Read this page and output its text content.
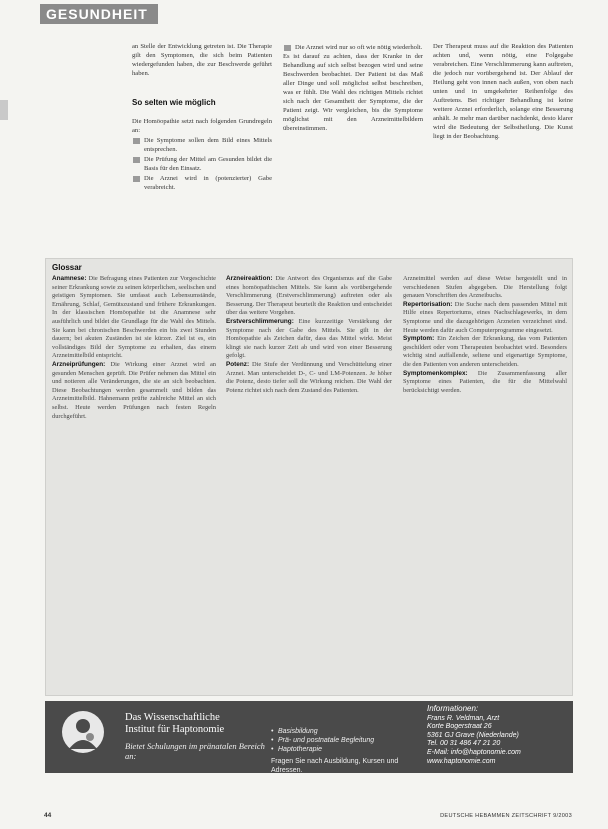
GESUNDHEIT

an Stelle der Entwicklung getreten ist. Die Therapie gilt den Symptomen, die sich beim Patienten wiedergefunden haben, die zur Beschwerde geführt haben.

So selten wie möglich

Die Homöopathie setzt nach folgenden Grundregeln an:

Die Symptome sollen dem Bild eines Mittels entsprechen.
Die Prüfung der Mittel am Gesunden bildet die Basis für den Einsatz.
Die Arznei wird in (potenzierter) Gabe verabreicht.
Die Arznei wird nur so oft wie nötig wiederholt.

Es ist darauf zu achten, dass der Kranke in der Behandlung auf sich selbst bezogen wird und seine Beschwerden beobachtet. Der Patient ist das Maß aller Dinge und soll möglichst selbst beschreiben, was er fühlt. Die Wahl des richtigen Mittels richtet sich nach der Gesamtheit der Symptome, die der Patient zeigt. Wir vergleichen, bis die Symptome möglichst mit den Arzneimittelbildern übereinstimmen.

Der Therapeut muss auf die Reaktion des Patienten achten und, wenn nötig, eine Folgegabe verabreichen. Eine Verschlimmerung kann auftreten, die jedoch nur vorübergehend ist. Der Ablauf der Heilung geht von innen nach außen, von oben nach unten und in umgekehrter Reihenfolge des Auftretens. Bei richtiger Behandlung ist keine weitere Arznei erforderlich, solange eine Besserung anhält. Je mehr man darüber nachdenkt, desto klarer wird die Bedeutung der Selbstheilung. Die Kunst liegt in der Beobachtung.

Glossar

Anamnese: Die Befragung eines Patienten zur Vorgeschichte seiner Erkrankung sowie zu seinen körperlichen, seelischen und geistigen Symptomen. Sie umfasst auch Lebensumstände, Ernährung, Schlaf, Gemütszustand und frühere Erkrankungen. In der klassischen Homöopathie ist die Anamnese sehr ausführlich und bildet die Grundlage für die Wahl des Mittels. Sie kann bei chronischen Beschwerden ein bis zwei Stunden dauern; bei akuten Zuständen ist sie kürzer. Ziel ist es, ein vollständiges Bild der Symptome zu erhalten, das einem Arzneimittelbild entspricht.

Arzneiprüfungen: Die Wirkung einer Arznei wird an gesunden Menschen geprüft. Die Prüfer nehmen das Mittel ein und notieren alle Veränderungen, die sie an sich beobachten. Diese Beobachtungen werden gesammelt und bilden das Arzneimittelbild. Hahnemann prüfte zahlreiche Mittel an sich selbst. Heute werden Prüfungen nach festen Regeln durchgeführt.

Arzneireaktion: Die Antwort des Organismus auf die Gabe eines homöopathischen Mittels. Sie kann als vorübergehende Verschlimmerung (Erstverschlimmerung) auftreten oder als Besserung. Der Therapeut beurteilt die Reaktion und entscheidet über das weitere Vorgehen.

Erstverschlimmerung: Eine kurzzeitige Verstärkung der Symptome nach der Gabe des Mittels. Sie gilt in der Homöopathie als Zeichen dafür, dass das Mittel wirkt. Meist klingt sie nach kurzer Zeit ab und wird von einer Besserung gefolgt.

Potenz: Die Stufe der Verdünnung und Verschüttelung einer Arznei. Man unterscheidet D-, C- und LM-Potenzen. Je höher die Potenz, desto tiefer soll die Wirkung reichen. Die Wahl der Potenz richtet sich nach dem Zustand des Patienten.

Arzneimittel werden auf diese Weise hergestellt und in verschiedenen Stufen abgegeben. Die Herstellung folgt genauen Vorschriften des Arzneibuchs.

Repertorisation: Die Suche nach dem passenden Mittel mit Hilfe eines Repertoriums, eines Nachschlagewerks, in dem Symptome und die dazugehörigen Arzneien verzeichnet sind. Heute werden dafür auch Computerprogramme eingesetzt.

Symptom: Ein Zeichen der Erkrankung, das vom Patienten geschildert oder vom Therapeuten beobachtet wird. Besonders wichtig sind auffallende, seltene und eigenartige Symptome, die den Patienten von anderen unterscheiden.

Symptomenkomplex: Die Zusammenfassung aller Symptome eines Patienten, die für die Mittelwahl berücksichtigt werden.

Das Wissenschaftliche
Institut für Haptonomie
Bietet Schulungen im pränatalen Bereich an:
• Basisbildung
• Prä- und postnatale Begleitung
• Haptotherapie
Fragen Sie nach Ausbildung, Kursen und Adressen.
Informationen:
Frans R. Veldman, Arzt
Korte Bogerstraat 26
5361 GJ Grave (Niederlande)
Tel. 00 31 486 47 21 20
E-Mail: info@haptonomie.com
www.haptonomie.com
44	DEUTSCHE HEBAMMEN ZEITSCHRIFT 9/2003
